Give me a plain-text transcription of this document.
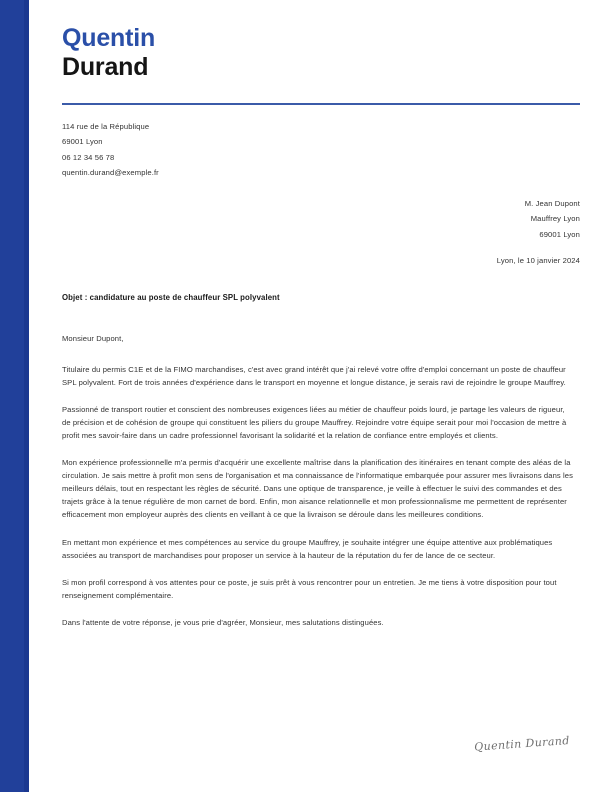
Quentin
Durand
114 rue de la République
69001 Lyon
06 12 34 56 78
quentin.durand@exemple.fr
M. Jean Dupont
Mauffrey Lyon
69001 Lyon
Lyon, le 10 janvier 2024
Objet : candidature au poste de chauffeur SPL polyvalent

Monsieur Dupont,

Titulaire du permis C1E et de la FIMO marchandises, c'est avec grand intérêt que j'ai relevé votre offre d'emploi concernant un poste de chauffeur SPL polyvalent. Fort de trois années d'expérience dans le transport en moyenne et longue distance, je serais ravi de rejoindre le groupe Mauffrey.

Passionné de transport routier et conscient des nombreuses exigences liées au métier de chauffeur poids lourd, je partage les valeurs de rigueur, de précision et de cohésion de groupe qui constituent les piliers du groupe Mauffrey. Rejoindre votre équipe serait pour moi l'occasion de mettre à profit mes savoir-faire dans un cadre professionnel favorisant la solidarité et la relation de confiance entre employés et clients.

Mon expérience professionnelle m'a permis d'acquérir une excellente maîtrise dans la planification des itinéraires en tenant compte des aléas de la circulation. Je sais mettre à profit mon sens de l'organisation et ma connaissance de l'informatique embarquée pour assurer mes livraisons dans les meilleurs délais, tout en respectant les règles de sécurité. Dans une optique de transparence, je veille à effectuer le suivi des commandes et des trajets grâce à la tenue régulière de mon carnet de bord. Enfin, mon aisance relationnelle et mon professionnalisme me permettent de représenter efficacement mon employeur auprès des clients en veillant à ce que la livraison se déroule dans les meilleures conditions.

En mettant mon expérience et mes compétences au service du groupe Mauffrey, je souhaite intégrer une équipe attentive aux problématiques associées au transport de marchandises pour proposer un service à la hauteur de la réputation du fer de lance de ce secteur.

Si mon profil correspond à vos attentes pour ce poste, je suis prêt à vous rencontrer pour un entretien. Je me tiens à votre disposition pour tout renseignement complémentaire.

Dans l'attente de votre réponse, je vous prie d'agréer, Monsieur, mes salutations distinguées.

Quentin Durand
